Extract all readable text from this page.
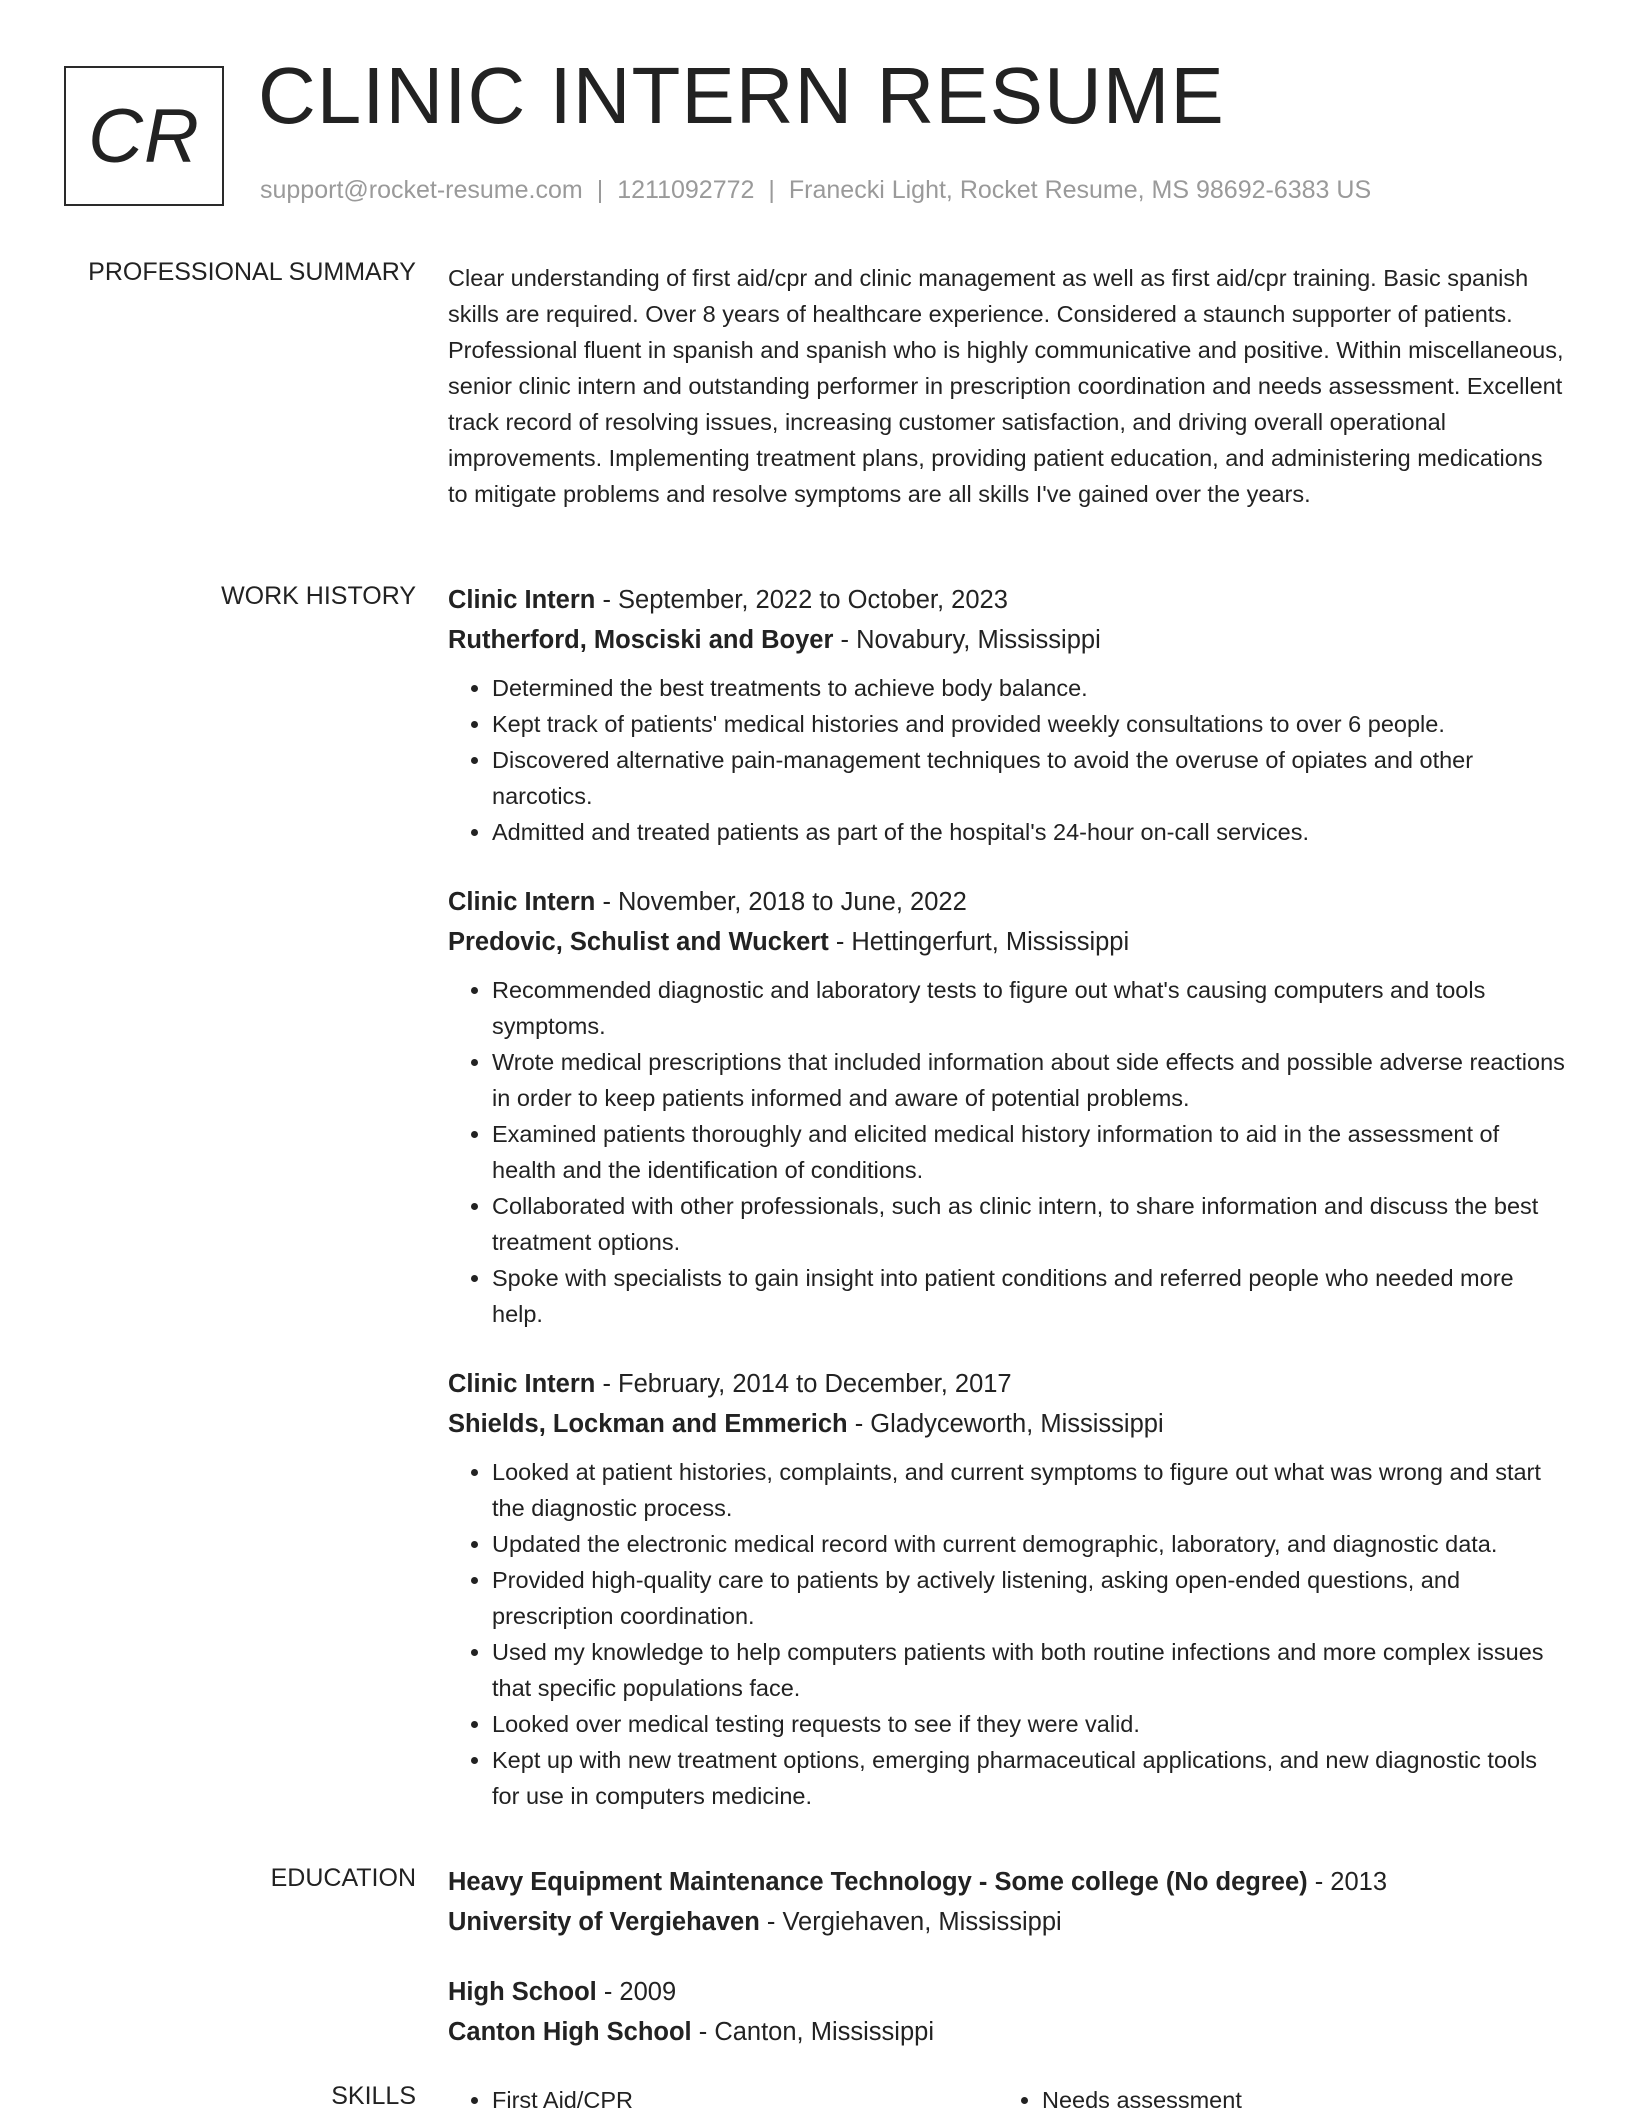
CR CLINIC INTERN RESUME
support@rocket-resume.com | 1211092772 | Franecki Light, Rocket Resume, MS 98692-6383 US
PROFESSIONAL SUMMARY Clear understanding of first aid/cpr and clinic management as well as first aid/cpr training. Basic spanish skills are required. Over 8 years of healthcare experience. Considered a staunch supporter of patients. Professional fluent in spanish and spanish who is highly communicative and positive. Within miscellaneous, senior clinic intern and outstanding performer in prescription coordination and needs assessment. Excellent track record of resolving issues, increasing customer satisfaction, and driving overall operational improvements. Implementing treatment plans, providing patient education, and administering medications to mitigate problems and resolve symptoms are all skills I've gained over the years.
WORK HISTORY Clinic Intern - September, 2022 to October, 2023
Rutherford, Mosciski and Boyer - Novabury, Mississippi
• Determined the best treatments to achieve body balance.
• Kept track of patients' medical histories and provided weekly consultations to over 6 people.
• Discovered alternative pain-management techniques to avoid the overuse of opiates and other narcotics.
• Admitted and treated patients as part of the hospital's 24-hour on-call services.
Clinic Intern - November, 2018 to June, 2022
Predovic, Schulist and Wuckert - Hettingerfurt, Mississippi
• Recommended diagnostic and laboratory tests to figure out what's causing computers and tools symptoms.
• Wrote medical prescriptions that included information about side effects and possible adverse reactions in order to keep patients informed and aware of potential problems.
• Examined patients thoroughly and elicited medical history information to aid in the assessment of health and the identification of conditions.
• Collaborated with other professionals, such as clinic intern, to share information and discuss the best treatment options.
• Spoke with specialists to gain insight into patient conditions and referred people who needed more help.
Clinic Intern - February, 2014 to December, 2017
Shields, Lockman and Emmerich - Gladyceworth, Mississippi
• Looked at patient histories, complaints, and current symptoms to figure out what was wrong and start the diagnostic process.
• Updated the electronic medical record with current demographic, laboratory, and diagnostic data.
• Provided high-quality care to patients by actively listening, asking open-ended questions, and prescription coordination.
• Used my knowledge to help computers patients with both routine infections and more complex issues that specific populations face.
• Looked over medical testing requests to see if they were valid.
• Kept up with new treatment options, emerging pharmaceutical applications, and new diagnostic tools for use in computers medicine.
EDUCATION Heavy Equipment Maintenance Technology - Some college (No degree) - 2013
University of Vergiehaven - Vergiehaven, Mississippi
High School - 2009
Canton High School - Canton, Mississippi
SKILLS	• First Aid/CPR	• Needs assessment
